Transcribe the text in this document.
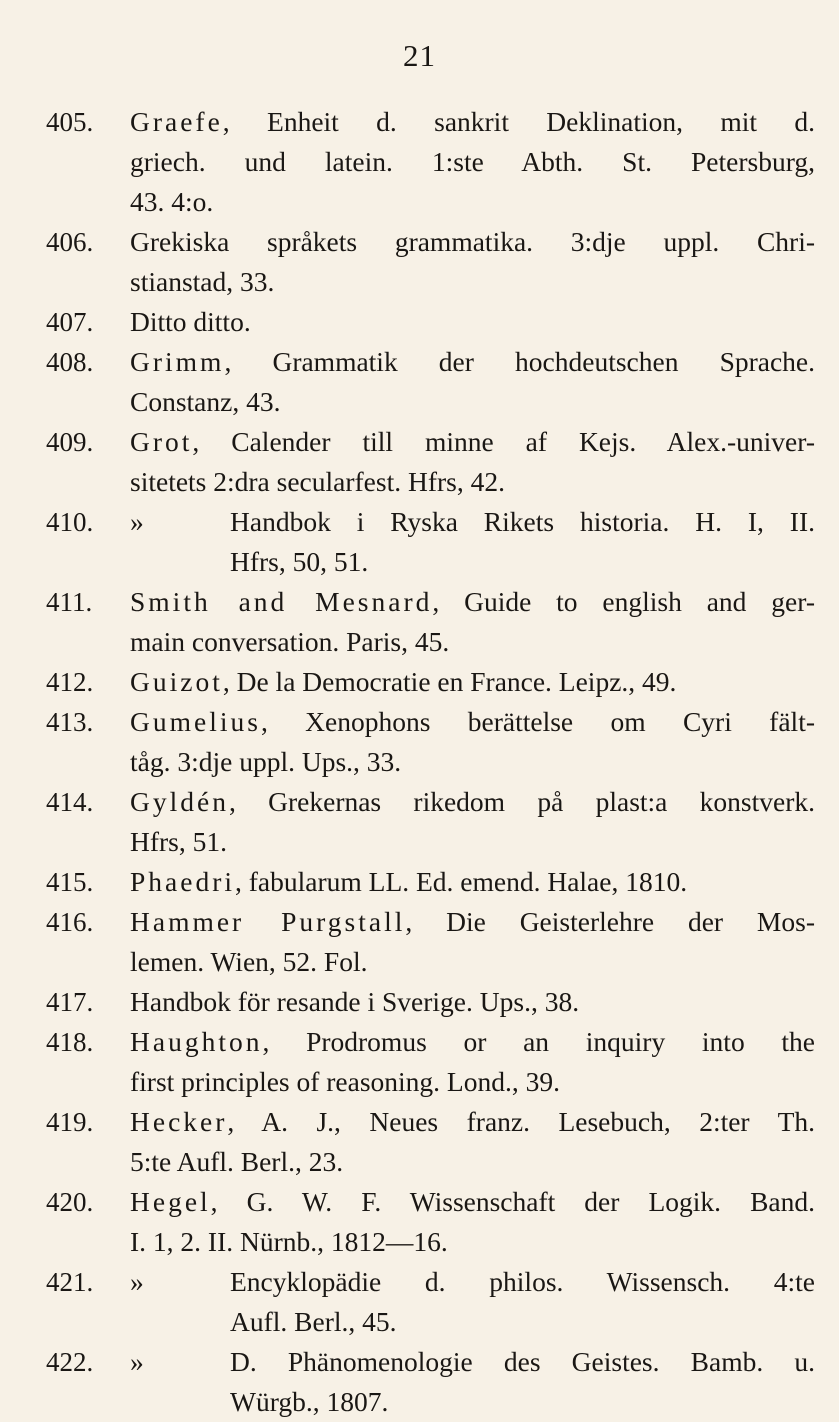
21
405. Graefe, Enheit d. sankrit Deklination, mit d.
griech. und latein. 1:ste Abth. St. Petersburg,
43. 4:o.
406. Grekiska språkets grammatika. 3:dje uppl. Chri-
stianstad, 33.
407. Ditto ditto.
408. Grimm, Grammatik der hochdeutschen Sprache.
Constanz, 43.
409. Grot, Calender till minne af Kejs. Alex.-univer-
sitetets 2:dra secularfest. Hfrs, 42.
410. »	Handbok i Ryska Rikets historia. H. I, II.
Hfrs, 50, 51.
411. Smith and Mesnard, Guide to english and ger-
main conversation. Paris, 45.
412. Guizot, De la Democratie en France. Leipz., 49.
413. Gumelius, Xenophons berättelse om Cyri fält-
tåg. 3:dje uppl. Ups., 33.
414. Gyldén, Grekernas rikedom på plast:a konstverk.
Hfrs, 51.
415. Phaedri, fabularum LL. Ed. emend. Halae, 1810.
416. Hammer Purgstall, Die Geisterlehre der Mos-
lemen. Wien, 52. Fol.
417. Handbok för resande i Sverige. Ups., 38.
418. Haughton, Prodromus or an inquiry into the
first principles of reasoning. Lond., 39.
419. Hecker, A. J., Neues franz. Lesebuch, 2:ter Th.
5:te Aufl. Berl., 23.
420. Hegel, G. W. F. Wissenschaft der Logik. Band.
I. 1, 2. II. Nürnb., 1812—16.
421. »	Encyklopädie d. philos. Wissensch. 4:te
Aufl. Berl., 45.
422. »	D. Phänomenologie des Geistes. Bamb. u.
Würgb., 1807.
